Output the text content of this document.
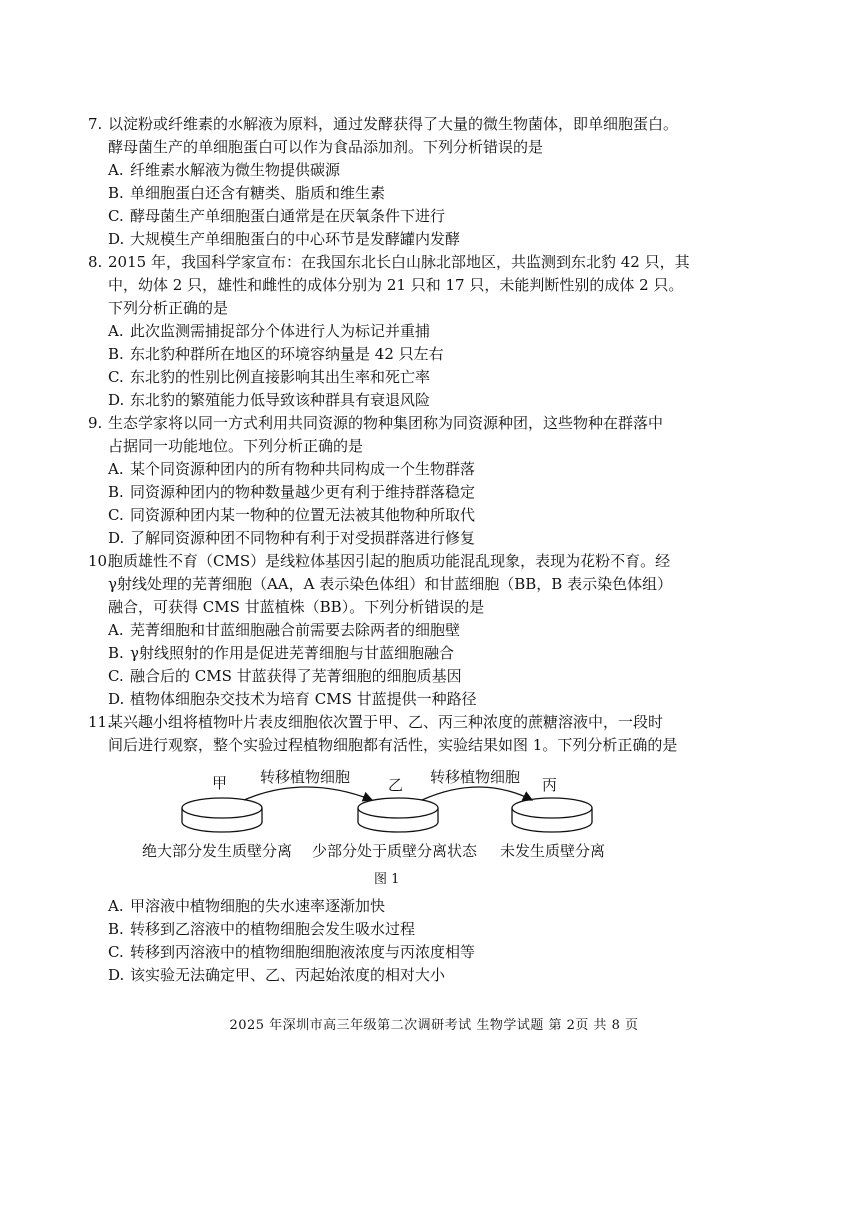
7. 以淀粉或纤维素的水解液为原料，通过发酵获得了大量的微生物菌体，即单细胞蛋白。
酵母菌生产的单细胞蛋白可以作为食品添加剂。下列分析错误的是
A. 纤维素水解液为微生物提供碳源
B. 单细胞蛋白还含有糖类、脂质和维生素
C. 酵母菌生产单细胞蛋白通常是在厌氧条件下进行
D. 大规模生产单细胞蛋白的中心环节是发酵罐内发酵
8. 2015 年，我国科学家宣布：在我国东北长白山脉北部地区，共监测到东北豹 42 只，其
中，幼体 2 只，雄性和雌性的成体分别为 21 只和 17 只，未能判断性别的成体 2 只。
下列分析正确的是
A. 此次监测需捕捉部分个体进行人为标记并重捕
B. 东北豹种群所在地区的环境容纳量是 42 只左右
C. 东北豹的性别比例直接影响其出生率和死亡率
D. 东北豹的繁殖能力低导致该种群具有衰退风险
9. 生态学家将以同一方式利用共同资源的物种集团称为同资源种团，这些物种在群落中
占据同一功能地位。下列分析正确的是
A. 某个同资源种团内的所有物种共同构成一个生物群落
B. 同资源种团内的物种数量越少更有利于维持群落稳定
C. 同资源种团内某一物种的位置无法被其他物种所取代
D. 了解同资源种团不同物种有利于对受损群落进行修复
10.胞质雄性不育（CMS）是线粒体基因引起的胞质功能混乱现象，表现为花粉不育。经
γ射线处理的芜菁细胞（AA，A 表示染色体组）和甘蓝细胞（BB，B 表示染色体组）
融合，可获得 CMS 甘蓝植株（BB）。下列分析错误的是
A. 芜菁细胞和甘蓝细胞融合前需要去除两者的细胞壁
B. γ射线照射的作用是促进芜菁细胞与甘蓝细胞融合
C. 融合后的 CMS 甘蓝获得了芜菁细胞的细胞质基因
D. 植物体细胞杂交技术为培育 CMS 甘蓝提供一种路径
11.某兴趣小组将植物叶片表皮细胞依次置于甲、乙、丙三种浓度的蔗糖溶液中，一段时
间后进行观察，整个实验过程植物细胞都有活性，实验结果如图 1。下列分析正确的是
甲	乙	丙
转移植物细胞	转移植物细胞
绝大部分发生质壁分离 少部分处于质壁分离状态 未发生质壁分离
图 1
A. 甲溶液中植物细胞的失水速率逐渐加快
B. 转移到乙溶液中的植物细胞会发生吸水过程
C. 转移到丙溶液中的植物细胞细胞液浓度与丙浓度相等
D. 该实验无法确定甲、乙、丙起始浓度的相对大小
2025 年深圳市高三年级第二次调研考试 生物学试题 第 2页 共 8 页
